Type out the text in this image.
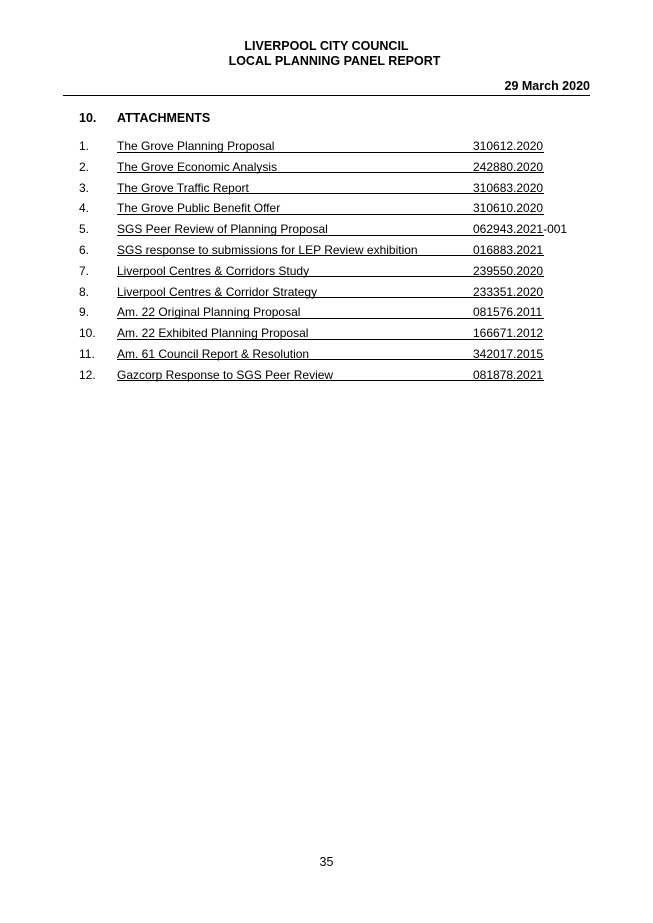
LIVERPOOL CITY COUNCIL
LOCAL PLANNING PANEL REPORT
29 March 2020
10. ATTACHMENTS
1. The Grove Planning Proposal	310612.2020
2. The Grove Economic Analysis	242880.2020
3. The Grove Traffic Report	310683.2020
4. The Grove Public Benefit Offer	310610.2020
5. SGS Peer Review of Planning Proposal	062943.2021-001
6. SGS response to submissions for LEP Review exhibition	016883.2021
7. Liverpool Centres & Corridors Study	239550.2020
8. Liverpool Centres & Corridor Strategy	233351.2020
9. Am. 22 Original Planning Proposal	081576.2011
10. Am. 22 Exhibited Planning Proposal	166671.2012
11. Am. 61 Council Report & Resolution	342017.2015
12. Gazcorp Response to SGS Peer Review	081878.2021
35
